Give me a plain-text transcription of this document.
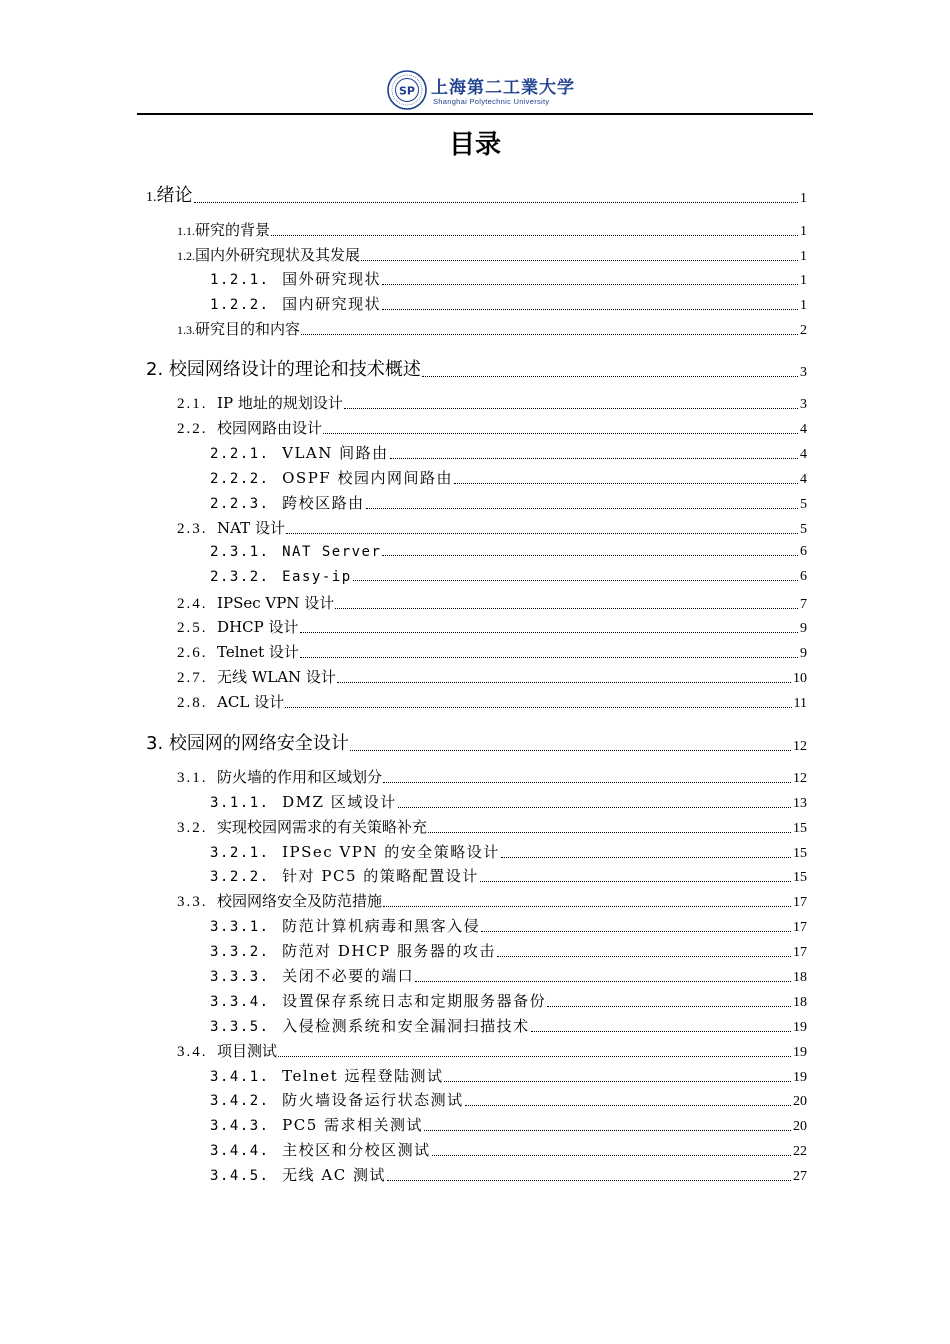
SP 上海第二工業大学
Shanghai Polytechnic University
目录
1.绪论	1
1.1.研究的背景	1
1.2.国内外研究现状及其发展	1
1.2.1. 国外研究现状	1
1.2.2. 国内研究现状	1
1.3.研究目的和内容	2
2. 校园网络设计的理论和技术概述	3
2.1. IP 地址的规划设计	3
2.2. 校园网路由设计	4
2.2.1. VLAN 间路由	4
2.2.2. OSPF 校园内网间路由	4
2.2.3. 跨校区路由	5
2.3. NAT 设计	5
2.3.1. NAT Server	6
2.3.2. Easy-ip	6
2.4. IPSec VPN 设计	7
2.5. DHCP 设计	9
2.6. Telnet 设计	9
2.7. 无线 WLAN 设计	10
2.8. ACL 设计	11
3. 校园网的网络安全设计	12
3.1. 防火墙的作用和区域划分	12
3.1.1. DMZ 区域设计	13
3.2. 实现校园网需求的有关策略补充	15
3.2.1. IPSec VPN 的安全策略设计	15
3.2.2. 针对 PC5 的策略配置设计	15
3.3. 校园网络安全及防范措施	17
3.3.1. 防范计算机病毒和黑客入侵	17
3.3.2. 防范对 DHCP 服务器的攻击	17
3.3.3. 关闭不必要的端口	18
3.3.4. 设置保存系统日志和定期服务器备份	18
3.3.5. 入侵检测系统和安全漏洞扫描技术	19
3.4. 项目测试	19
3.4.1. Telnet 远程登陆测试	19
3.4.2. 防火墙设备运行状态测试	20
3.4.3. PC5 需求相关测试	20
3.4.4. 主校区和分校区测试	22
3.4.5. 无线 AC 测试	27
